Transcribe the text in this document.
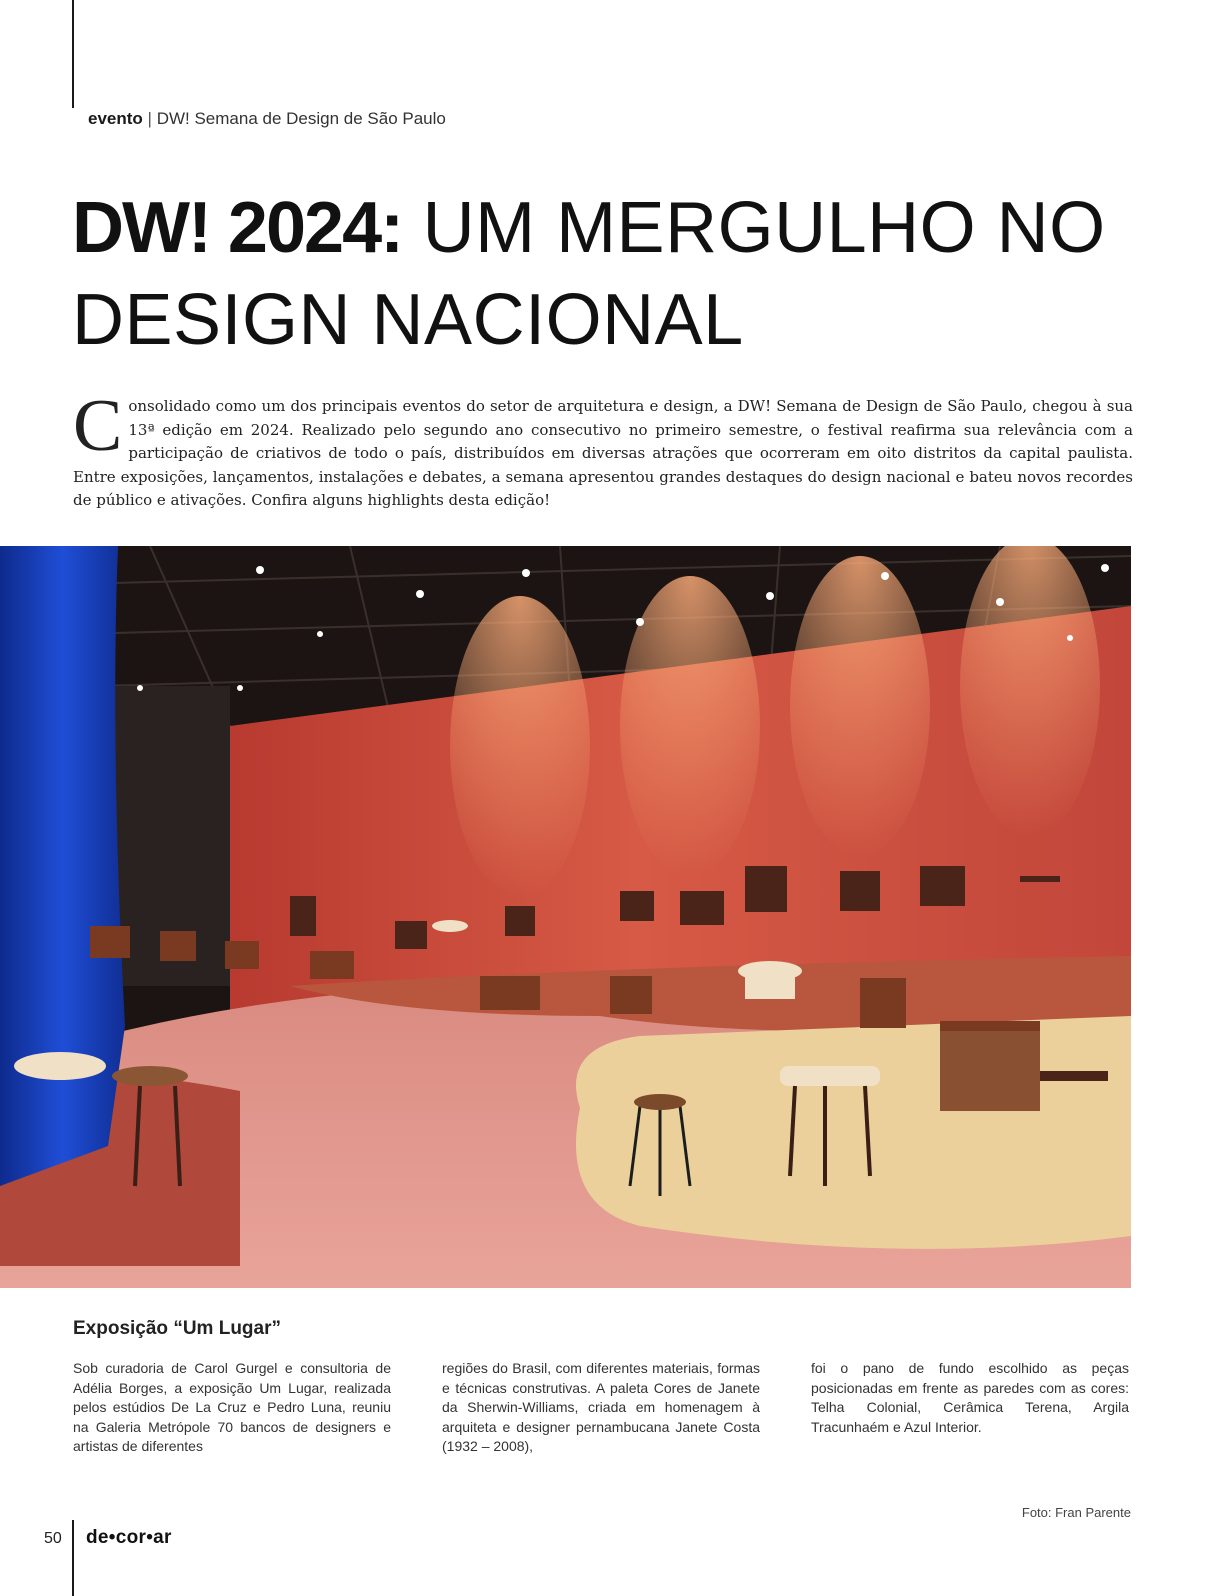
evento | DW! Semana de Design de São Paulo
DW! 2024: UM MERGULHO NO DESIGN NACIONAL

Consolidado como um dos principais eventos do setor de arquitetura e design, a DW! Semana de Design de São Paulo, chegou à sua 13ª edição em 2024. Realizado pelo segundo ano consecutivo no primeiro semestre, o festival reafirma sua relevância com a participação de criativos de todo o país, distribuídos em diversas atrações que ocorreram em oito distritos da capital paulista. Entre exposições, lançamentos, instalações e debates, a semana apresentou grandes destaques do design nacional e bateu novos recordes de público e ativações. Confira alguns highlights desta edição!

Exposição “Um Lugar”

Sob curadoria de Carol Gurgel e consultoria de Adélia Borges, a exposição Um Lugar, realizada pelos estúdios De La Cruz e Pedro Luna, reuniu na Galeria Metrópole 70 bancos de designers e artistas de diferentes

regiões do Brasil, com diferentes materiais, formas e técnicas construtivas. A paleta Cores de Janete da Sherwin-Williams, criada em homenagem à arquiteta e designer pernambucana Janete Costa (1932 – 2008),

foi o pano de fundo escolhido as peças posicionadas em frente as paredes com as cores: Telha Colonial, Cerâmica Terena, Argila Tracunhaém e Azul Interior.

Foto: Fran Parente
50 de•cor•ar
